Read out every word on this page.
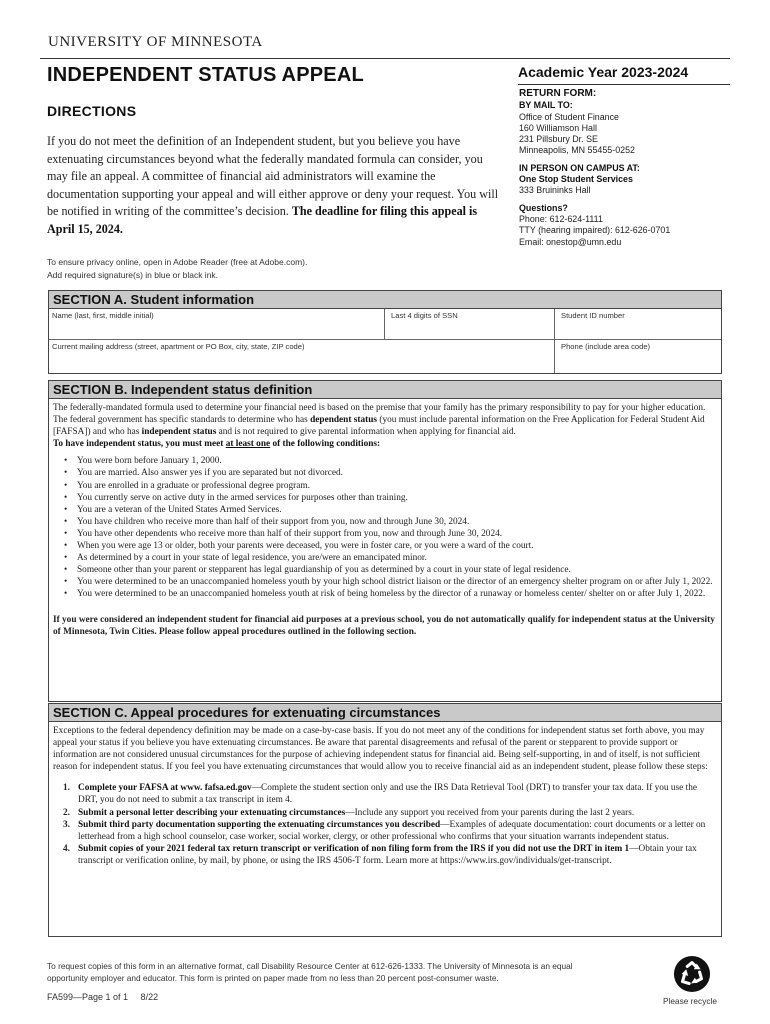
UNIVERSITY OF MINNESOTA
INDEPENDENT STATUS APPEAL	Academic Year 2023-2024
DIRECTIONS
If you do not meet the definition of an Independent student, but you believe you have extenuating circumstances beyond what the federally mandated formula can consider, you may file an appeal. A committee of financial aid administrators will examine the documentation supporting your appeal and will either approve or deny your request. You will be notified in writing of the committee’s decision. The deadline for filing this appeal is April 15, 2024.
To ensure privacy online, open in Adobe Reader (free at Adobe.com).
Add required signature(s) in blue or black ink.
RETURN FORM:
BY MAIL TO:
Office of Student Finance
160 Williamson Hall
231 Pillsbury Dr. SE
Minneapolis, MN 55455-0252
IN PERSON ON CAMPUS AT:
One Stop Student Services
333 Bruininks Hall
Questions?
Phone: 612-624-1111
TTY (hearing impaired): 612-626-0701
Email: onestop@umn.edu
SECTION A. Student information
Name (last, first, middle initial)	Last 4 digits of SSN	Student ID number
Current mailing address (street, apartment or PO Box, city, state, ZIP code)	Phone (include area code)
SECTION B. Independent status definition
The federally-mandated formula used to determine your financial need is based on the premise that your family has the primary responsibility to pay for your higher education. The federal government has specific standards to determine who has dependent status (you must include parental information on the Free Application for Federal Student Aid [FAFSA]) and who has independent status and is not required to give parental information when applying for financial aid.
To have independent status, you must meet at least one of the following conditions:
• You were born before January 1, 2000.
• You are married. Also answer yes if you are separated but not divorced.
• You are enrolled in a graduate or professional degree program.
• You currently serve on active duty in the armed services for purposes other than training.
• You are a veteran of the United States Armed Services.
• You have children who receive more than half of their support from you, now and through June 30, 2024.
• You have other dependents who receive more than half of their support from you, now and through June 30, 2024.
• When you were age 13 or older, both your parents were deceased, you were in foster care, or you were a ward of the court.
• As determined by a court in your state of legal residence, you are/were an emancipated minor.
• Someone other than your parent or stepparent has legal guardianship of you as determined by a court in your state of legal residence.
• You were determined to be an unaccompanied homeless youth by your high school district liaison or the director of an emergency shelter program on or after July 1, 2022.
• You were determined to be an unaccompanied homeless youth at risk of being homeless by the director of a runaway or homeless center/ shelter on or after July 1, 2022.
If you were considered an independent student for financial aid purposes at a previous school, you do not automatically qualify for independent status at the University of Minnesota, Twin Cities. Please follow appeal procedures outlined in the following section.
SECTION C. Appeal procedures for extenuating circumstances
Exceptions to the federal dependency definition may be made on a case-by-case basis. If you do not meet any of the conditions for independent status set forth above, you may appeal your status if you believe you have extenuating circumstances. Be aware that parental disagreements and refusal of the parent or stepparent to provide support or information are not considered unusual circumstances for the purpose of achieving independent status for financial aid. Being self-supporting, in and of itself, is not sufficient reason for independent status. If you feel you have extenuating circumstances that would allow you to receive financial aid as an independent student, please follow these steps:
1. Complete your FAFSA at www. fafsa.ed.gov—Complete the student section only and use the IRS Data Retrieval Tool (DRT) to transfer your tax data. If you use the DRT, you do not need to submit a tax transcript in item 4.
2. Submit a personal letter describing your extenuating circumstances—Include any support you received from your parents during the last 2 years.
3. Submit third party documentation supporting the extenuating circumstances you described—Examples of adequate documentation: court documents or a letter on letterhead from a high school counselor, case worker, social worker, clergy, or other professional who confirms that your situation warrants independent status.
4. Submit copies of your 2021 federal tax return transcript or verification of non filing form from the IRS if you did not use the DRT in item 1—Obtain your tax transcript or verification online, by mail, by phone, or using the IRS 4506-T form. Learn more at https://www.irs.gov/individuals/get-transcript.
To request copies of this form in an alternative format, call Disability Resource Center at 612-626-1333. The University of Minnesota is an equal opportunity employer and educator. This form is printed on paper made from no less than 20 percent post-consumer waste.
FA599—Page 1 of 1     8/22	Please recycle
